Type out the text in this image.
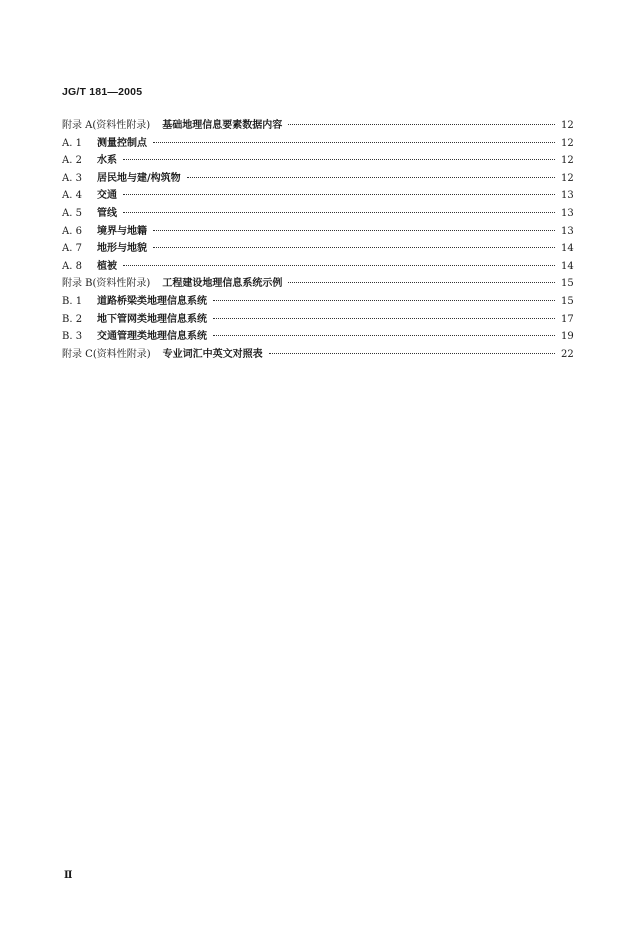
JG/T 181—2005
附录 A(资料性附录) 基础地理信息要素数据内容	12
A. 1	测量控制点	12
A. 2	水系	12
A. 3	居民地与建/构筑物	12
A. 4	交通	13
A. 5	管线	13
A. 6	境界与地籍	13
A. 7	地形与地貌	14
A. 8	植被	14
附录 B(资料性附录) 工程建设地理信息系统示例	15
B. 1	道路桥梁类地理信息系统	15
B. 2	地下管网类地理信息系统	17
B. 3	交通管理类地理信息系统	19
附录 C(资料性附录) 专业词汇中英文对照表	22
Ⅱ
